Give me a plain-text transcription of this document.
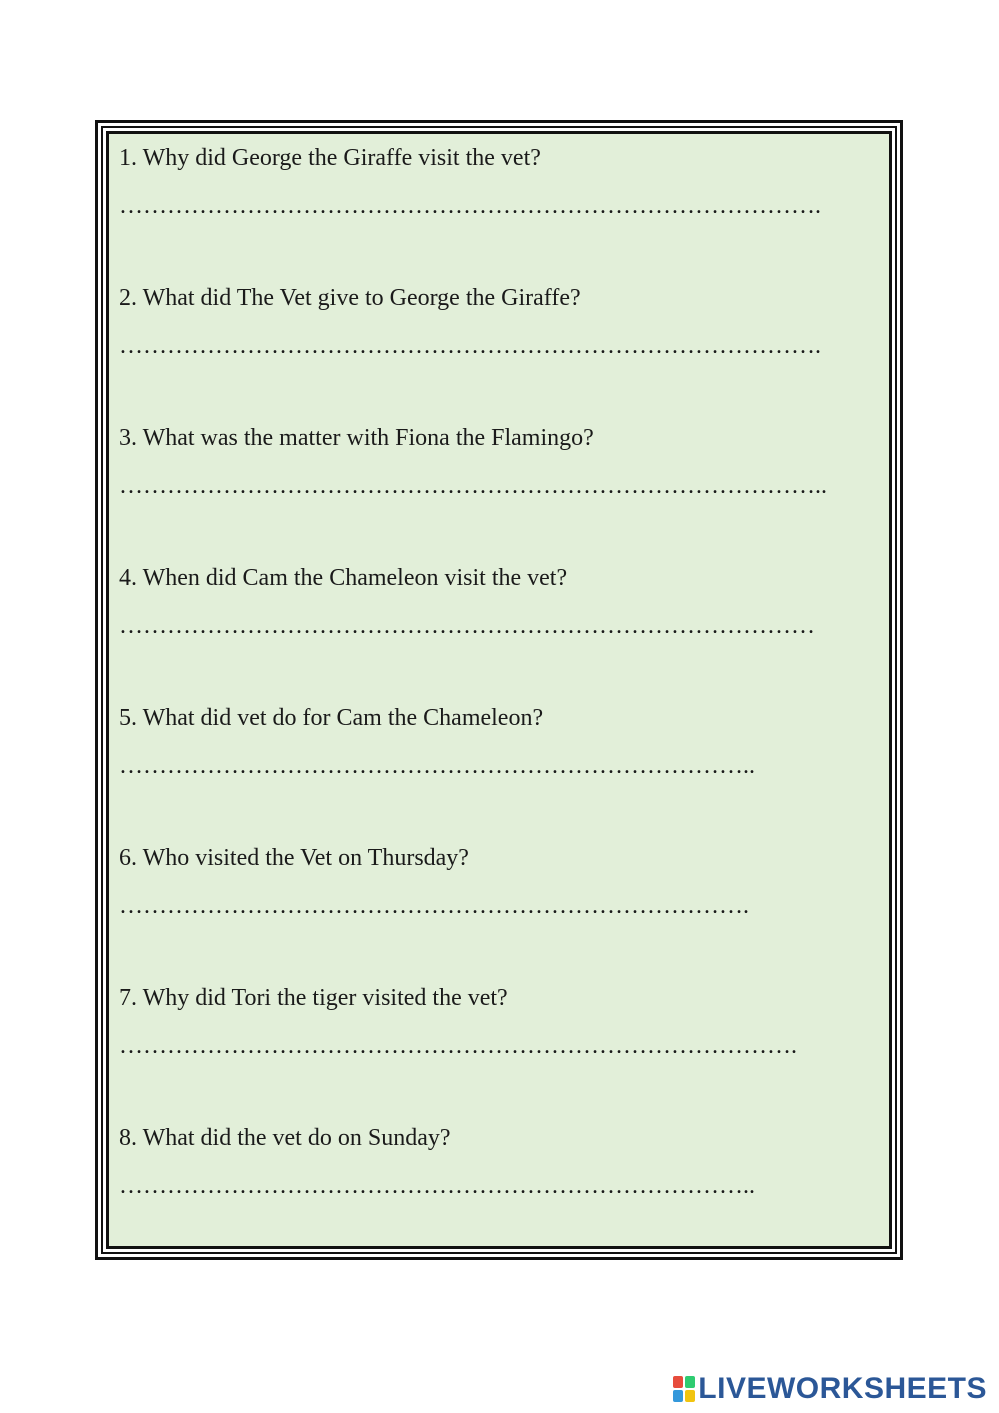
1. Why did George the Giraffe visit the vet?

…………………………………………………………………………….

2. What did The Vet give to George the Giraffe?

…………………………………………………………………………….

3. What was the matter with Fiona the Flamingo?

……………………………………………………………………………..

4. When did Cam the Chameleon visit the vet?

……………………………………………………………………………

5. What did vet do for Cam the Chameleon?

……………………………………………………………………..

6. Who visited the Vet on Thursday?

…………………………………………………………………….

7. Why did Tori the tiger visited the vet?

………………………………………………………………………….

8. What did the vet do on Sunday?

……………………………………………………………………..
LIVEWORKSHEETS
